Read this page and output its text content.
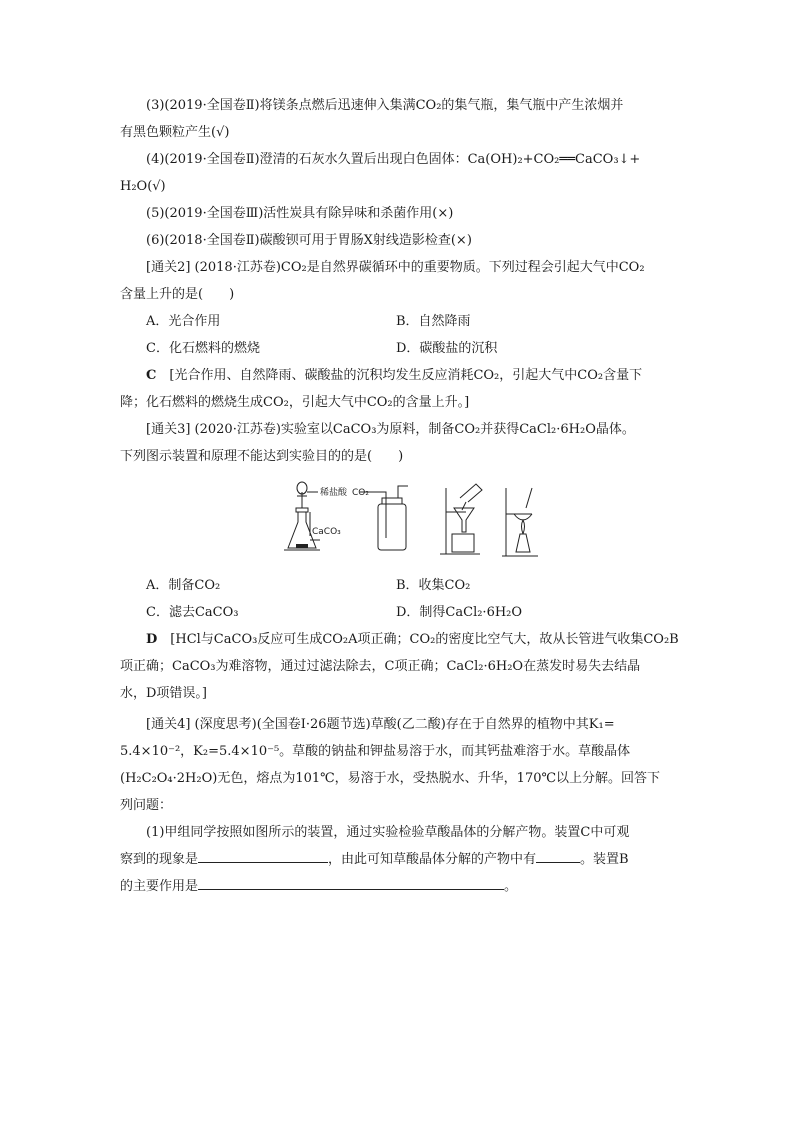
(3)(2019·全国卷Ⅱ)将镁条点燃后迅速伸入集满CO₂的集气瓶，集气瓶中产生浓烟并

有黑色颗粒产生(√)

(4)(2019·全国卷Ⅱ)澄清的石灰水久置后出现白色固体：Ca(OH)₂+CO₂══CaCO₃↓+

H₂O(√)

(5)(2019·全国卷Ⅲ)活性炭具有除异味和杀菌作用(×)

(6)(2018·全国卷Ⅱ)碳酸钡可用于胃肠X射线造影检查(×)

[通关2] (2018·江苏卷)CO₂是自然界碳循环中的重要物质。下列过程会引起大气中CO₂

含量上升的是(　　)

A．光合作用	B．自然降雨
C．化石燃料的燃烧	D．碳酸盐的沉积

C　 [光合作用、自然降雨、碳酸盐的沉积均发生反应消耗CO₂，引起大气中CO₂含量下

降；化石燃料的燃烧生成CO₂，引起大气中CO₂的含量上升。]

[通关3] (2020·江苏卷)实验室以CaCO₃为原料，制备CO₂并获得CaCl₂·6H₂O晶体。

下列图示装置和原理不能达到实验目的的是(　　)

稀盐酸 CO₂
CaCO₃
A．制备CO₂	B．收集CO₂
C．滤去CaCO₃	D．制得CaCl₂·6H₂O

D　 [HCl与CaCO₃反应可生成CO₂A项正确；CO₂的密度比空气大，故从长管进气收集CO₂B

项正确；CaCO₃为难溶物，通过过滤法除去，C项正确；CaCl₂·6H₂O在蒸发时易失去结晶

水，D项错误。]

[通关4] (深度思考)(全国卷Ⅰ·26题节选)草酸(乙二酸)存在于自然界的植物中其K₁=

5.4×10⁻²，K₂=5.4×10⁻⁵。草酸的钠盐和钾盐易溶于水，而其钙盐难溶于水。草酸晶体

(H₂C₂O₄·2H₂O)无色，熔点为101℃，易溶于水，受热脱水、升华，170℃以上分解。回答下

列问题：

(1)甲组同学按照如图所示的装置，通过实验检验草酸晶体的分解产物。装置C中可观

察到的现象是	，由此可知草酸晶体分解的产物中有	。装置B

的主要作用是	。
